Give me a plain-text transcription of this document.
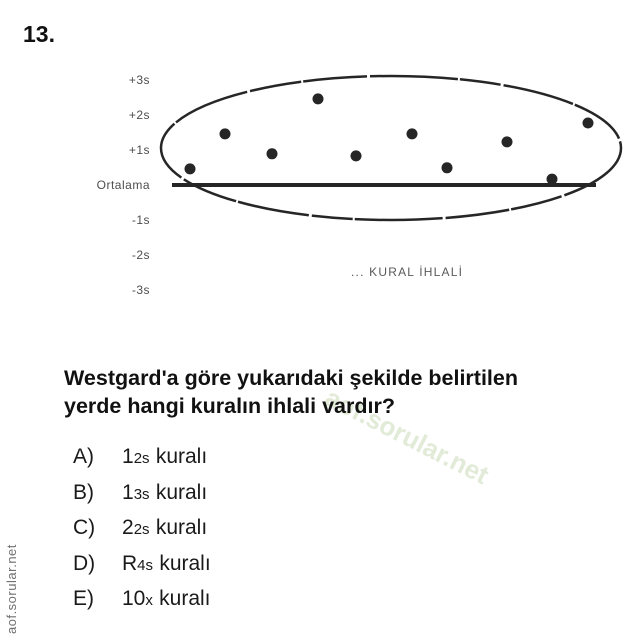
13.
aof.sorular.net
+3s
+2s
+1s
Ortalama
-1s
-2s
-3s
... KURAL İHLALİ
Westgard'a göre yukarıdaki şekilde belirtilen
yerde hangi kuralın ihlali vardır?
A)	12s kuralı
B)	13s kuralı
C)	22s kuralı
D)	R4s kuralı
E)	10x kuralı
aof.sorular.net
